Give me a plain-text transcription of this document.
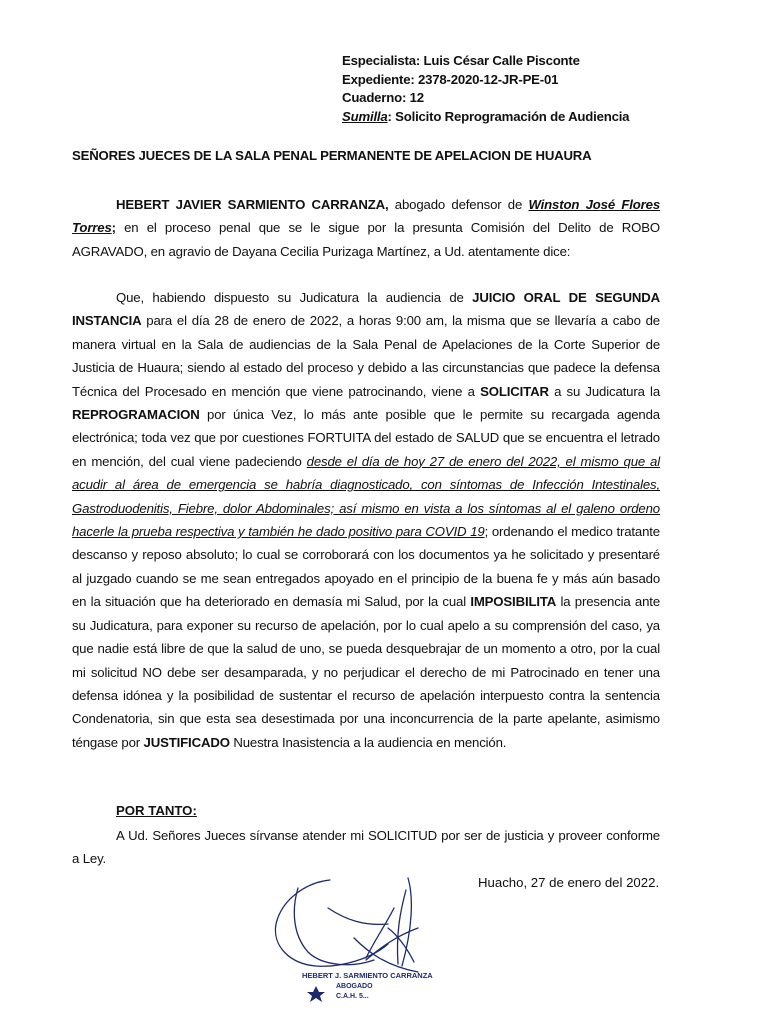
Especialista: Luis César Calle Pisconte
Expediente: 2378-2020-12-JR-PE-01
Cuaderno: 12
Sumilla: Solicito Reprogramación de Audiencia
SEÑORES JUECES DE LA SALA PENAL PERMANENTE DE APELACION DE HUAURA
HEBERT JAVIER SARMIENTO CARRANZA, abogado defensor de Winston José Flores Torres; en el proceso penal que se le sigue por la presunta Comisión del Delito de ROBO AGRAVADO, en agravio de Dayana Cecilia Purizaga Martínez, a Ud. atentamente dice:
Que, habiendo dispuesto su Judicatura la audiencia de JUICIO ORAL DE SEGUNDA INSTANCIA para el día 28 de enero de 2022, a horas 9:00 am, la misma que se llevaría a cabo de manera virtual en la Sala de audiencias de la Sala Penal de Apelaciones de la Corte Superior de Justicia de Huaura; siendo al estado del proceso y debido a las circunstancias que padece la defensa Técnica del Procesado en mención que viene patrocinando, viene a SOLICITAR a su Judicatura la REPROGRAMACION por única Vez, lo más ante posible que le permite su recargada agenda electrónica; toda vez que por cuestiones FORTUITA del estado de SALUD que se encuentra el letrado en mención, del cual viene padeciendo desde el día de hoy 27 de enero del 2022, el mismo que al acudir al área de emergencia se habría diagnosticado, con síntomas de Infección Intestinales, Gastroduodenitis, Fiebre, dolor Abdominales; así mismo en vista a los síntomas al el galeno ordeno hacerle la prueba respectiva y también he dado positivo para COVID 19; ordenando el medico tratante descanso y reposo absoluto; lo cual se corroborará con los documentos ya he solicitado y presentaré al juzgado cuando se me sean entregados apoyado en el principio de la buena fe y más aún basado en la situación que ha deteriorado en demasía mi Salud, por la cual IMPOSIBILITA la presencia ante su Judicatura, para exponer su recurso de apelación, por lo cual apelo a su comprensión del caso, ya que nadie está libre de que la salud de uno, se pueda desquebrajar de un momento a otro, por la cual mi solicitud NO debe ser desamparada, y no perjudicar el derecho de mi Patrocinado en tener una defensa idónea y la posibilidad de sustentar el recurso de apelación interpuesto contra la sentencia Condenatoria, sin que esta sea desestimada por una inconcurrencia de la parte apelante, asimismo téngase por JUSTIFICADO Nuestra Inasistencia a la audiencia en mención.
POR TANTO:
A Ud. Señores Jueces sírvanse atender mi SOLICITUD por ser de justicia y proveer conforme a Ley.
Huacho, 27 de enero del 2022.
HEBERT J. SARMIENTO CARRANZA
ABOGADO
C.A.H. 5...
